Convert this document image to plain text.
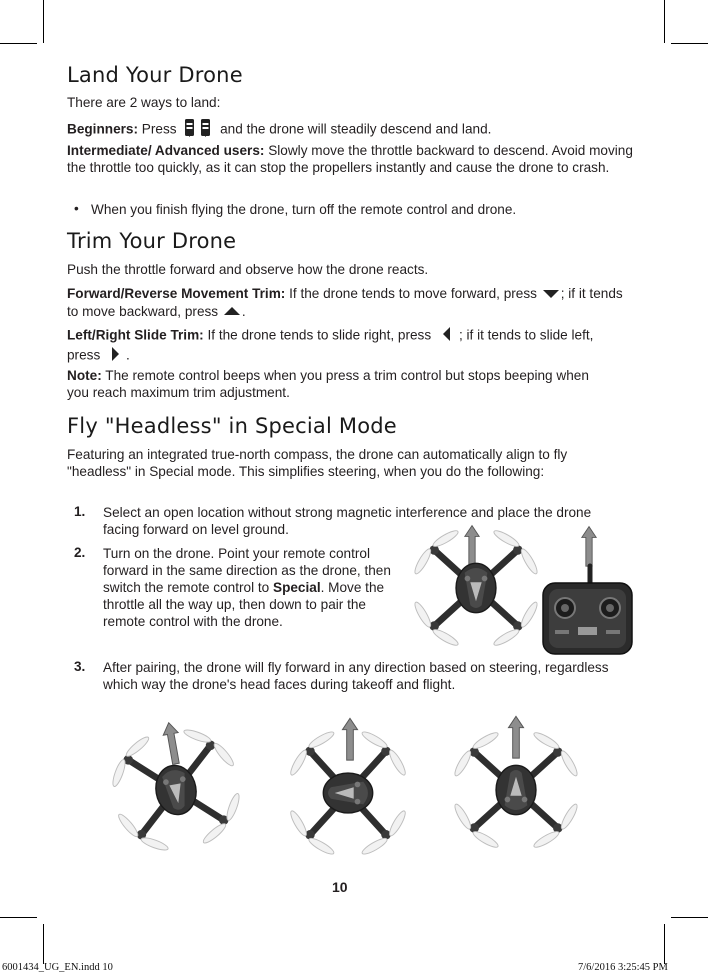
Land Your Drone

There are 2 ways to land:

Beginners: Press	and the drone will steadily descend and land.

Intermediate/ Advanced users: Slowly move the throttle backward to descend. Avoid moving the throttle too quickly, as it can stop the propellers instantly and cause the drone to crash.

• When you finish flying the drone, turn off the remote control and drone.

Trim Your Drone

Push the throttle forward and observe how the drone reacts.

Forward/Reverse Movement Trim: If the drone tends to move forward, press ; if it tends to move backward, press .

Left/Right Slide Trim: If the drone tends to slide right, press ; if it tends to slide left, press .

Note: The remote control beeps when you press a trim control but stops beeping when you reach maximum trim adjustment.

Fly "Headless" in Special Mode

Featuring an integrated true-north compass, the drone can automatically align to fly "headless" in Special mode. This simplifies steering, when you do the following:

1. Select an open location without strong magnetic interference and place the drone facing forward on level ground.
2. Turn on the drone. Point your remote control forward in the same direction as the drone, then switch the remote control to Special. Move the throttle all the way up, then down to pair the remote control with the drone.
3. After pairing, the drone will fly forward in any direction based on steering, regardless which way the drone's head faces during takeoff and flight.
10
6001434_UG_EN.indd 10	7/6/2016 3:25:45 PM
